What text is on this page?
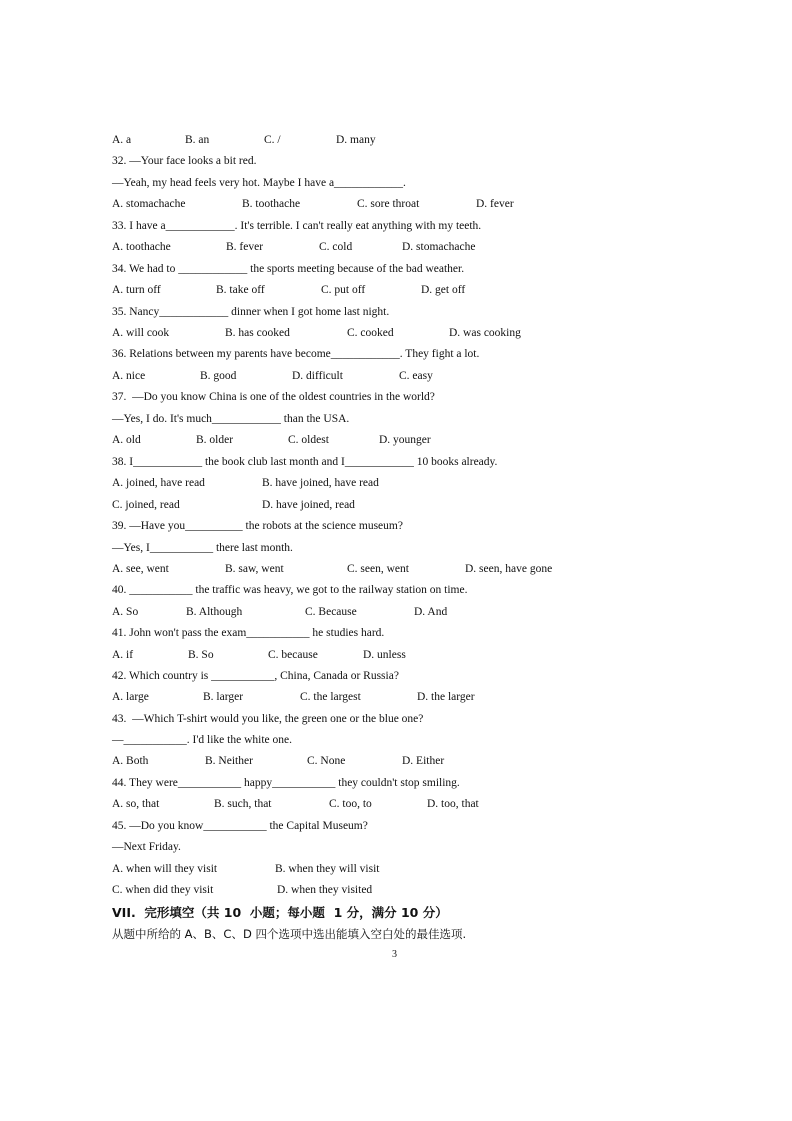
A. a	B. an	C. /	D. many
32. —Your face looks a bit red.
—Yeah, my head feels very hot. Maybe I have a____________.
A. stomachache	B. toothache	C. sore throat	D. fever
33. I have a____________. It's terrible. I can't really eat anything with my teeth.
A. toothache	B. fever	C. cold	D. stomachache
34. We had to ____________ the sports meeting because of the bad weather.
A. turn off	B. take off	C. put off	D. get off
35. Nancy____________ dinner when I got home last night.
A. will cook	B. has cooked	C. cooked	D. was cooking
36. Relations between my parents have become____________. They fight a lot.
A. nice	B. good	D. difficult	C. easy
37.  —Do you know China is one of the oldest countries in the world?
—Yes, I do. It's much____________ than the USA.
A. old	B. older	C. oldest	D. younger
38. I____________ the book club last month and I____________ 10 books already.
A. joined, have read	B. have joined, have read
C. joined, read	D. have joined, read
39. —Have you__________ the robots at the science museum?
—Yes, I___________ there last month.
A. see, went	B. saw, went	C. seen, went	D. seen, have gone
40. ___________ the traffic was heavy, we got to the railway station on time.
A. So	B. Although	C. Because	D. And
41. John won't pass the exam___________ he studies hard.
A. if	B. So	C. because	D. unless
42. Which country is ___________, China, Canada or Russia?
A. large	B. larger	C. the largest	D. the larger
43.  —Which T-shirt would you like, the green one or the blue one?
—___________. I'd like the white one.
A. Both	B. Neither	C. None	D. Either
44. They were___________ happy___________ they couldn't stop smiling.
A. so, that	B. such, that	C. too, to	D. too, that
45. —Do you know___________ the Capital Museum?
—Next Friday.
A. when will they visit	B. when they will visit
C. when did they visit	D. when they visited
VII.  完形填空（共 10  小题；每小题  1 分，满分 10 分）
从题中所给的 A、B、C、D 四个选项中选出能填入空白处的最佳选项.
3
